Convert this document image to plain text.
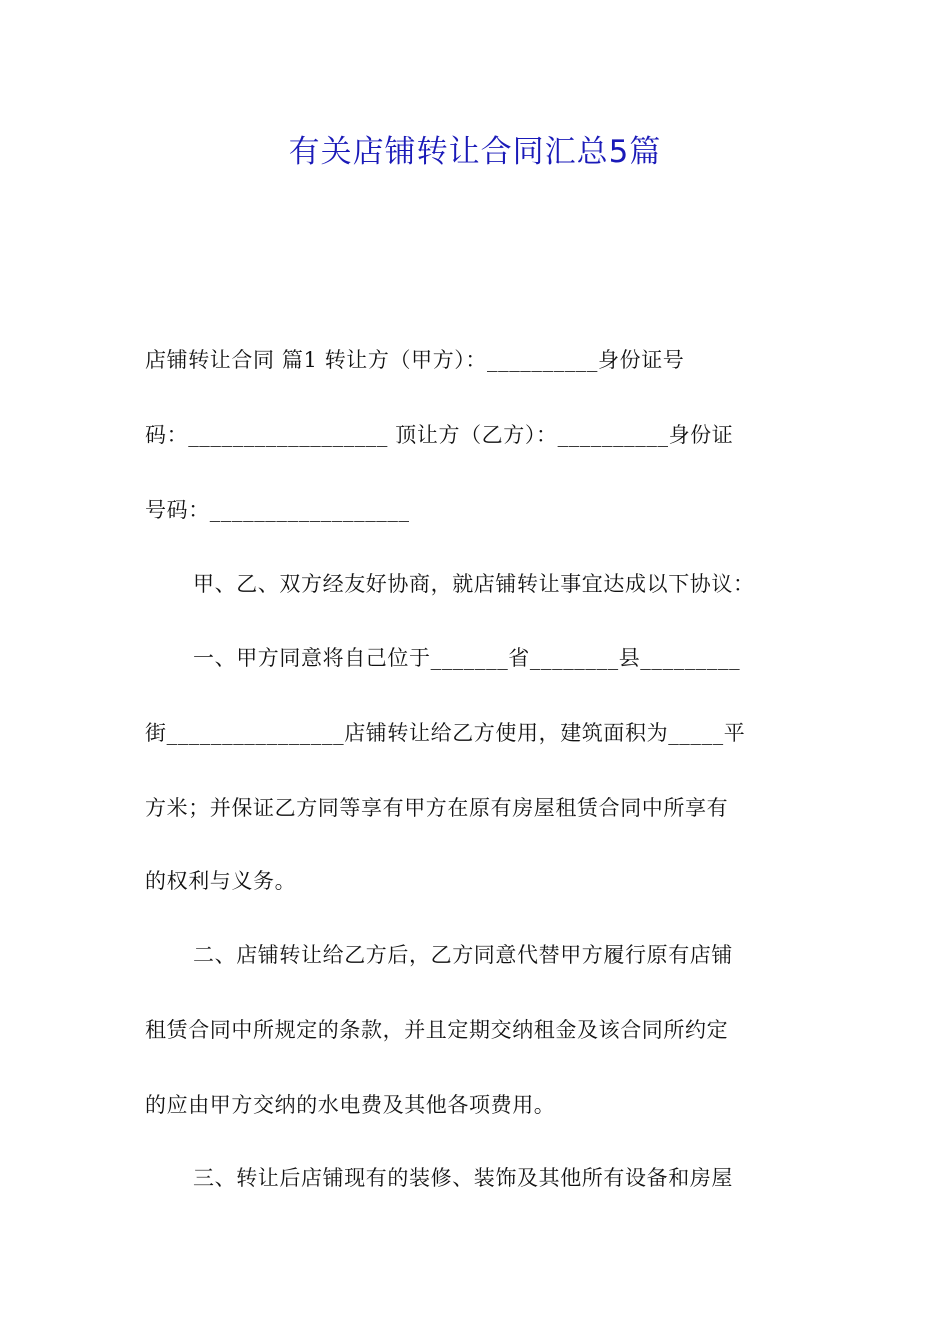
有关店铺转让合同汇总5篇
店铺转让合同 篇1 转让方（甲方）：__________身份证号
码：__________________ 顶让方（乙方）：__________身份证
号码：__________________
甲、乙、双方经友好协商，就店铺转让事宜达成以下协议：
一、甲方同意将自己位于_______省________县_________
街________________店铺转让给乙方使用，建筑面积为_____平
方米；并保证乙方同等享有甲方在原有房屋租赁合同中所享有
的权利与义务。
二、店铺转让给乙方后，乙方同意代替甲方履行原有店铺
租赁合同中所规定的条款，并且定期交纳租金及该合同所约定
的应由甲方交纳的水电费及其他各项费用。
三、转让后店铺现有的装修、装饰及其他所有设备和房屋
